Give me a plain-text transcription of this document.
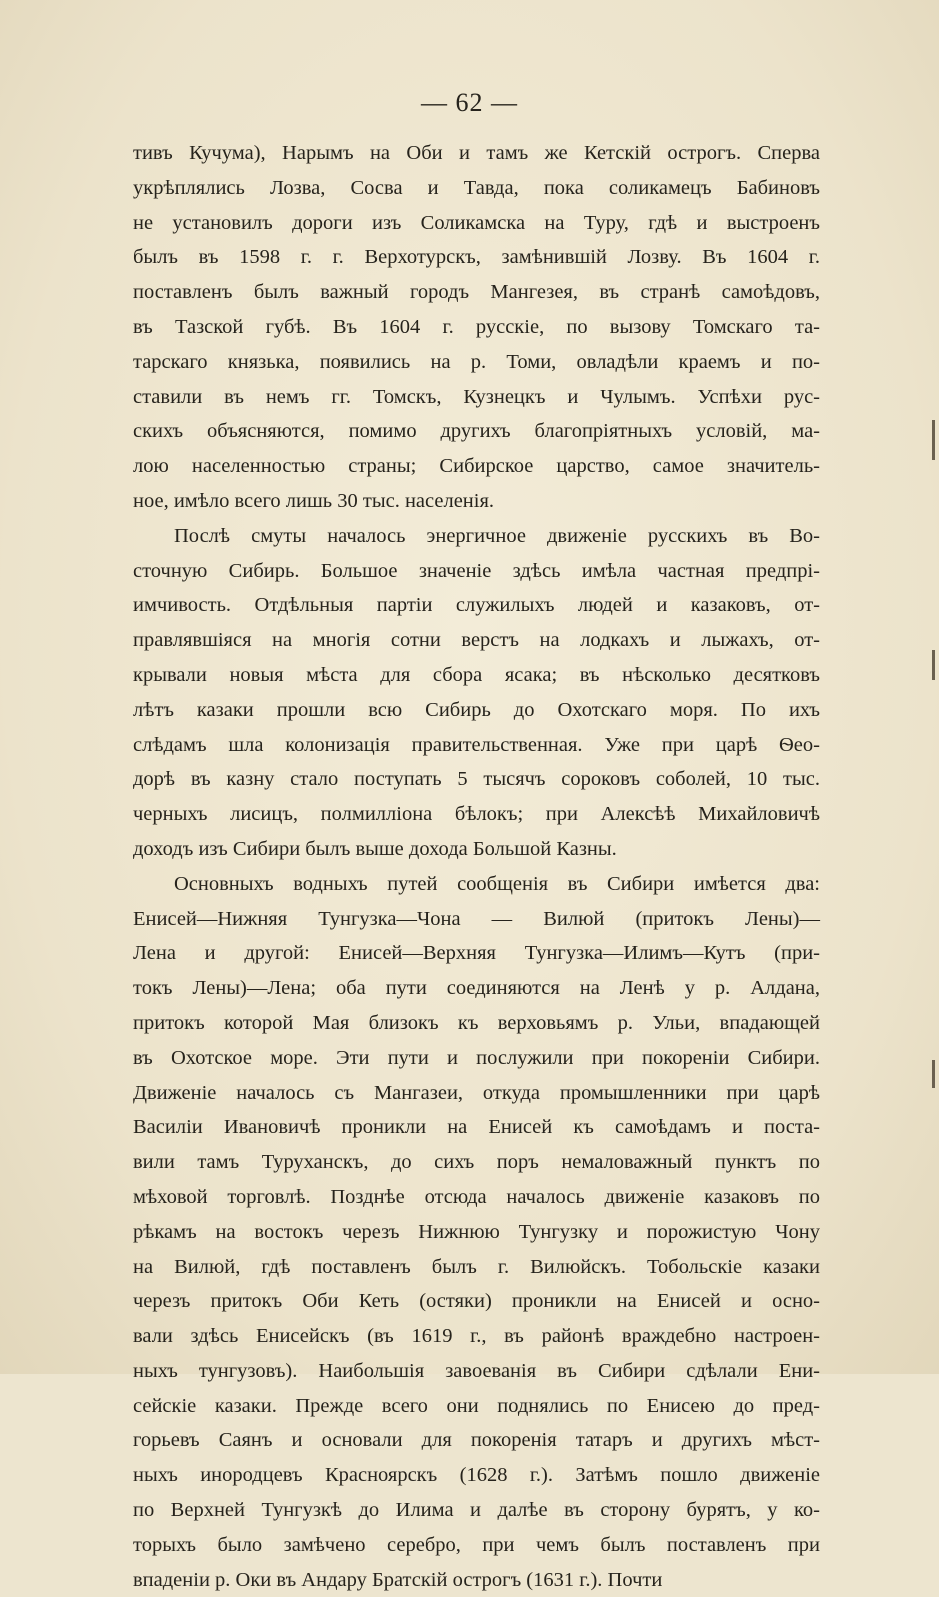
— 62 —
тивъ Кучума), Нарымъ на Оби и тамъ же Кетскій острогъ. Сперва
укрѣплялись Лозва, Сосва и Тавда, пока соликамецъ Бабиновъ
не установилъ дороги изъ Соликамска на Туру, гдѣ и выстроенъ
былъ въ 1598 г. г. Верхотурскъ, замѣнившій Лозву. Въ 1604 г.
поставленъ былъ важный городъ Мангезея, въ странѣ самоѣдовъ,
въ Тазской губѣ. Въ 1604 г. русскіе, по вызову Томскаго та-
тарскаго князька, появились на р. Томи, овладѣли краемъ и по-
ставили въ немъ гг. Томскъ, Кузнецкъ и Чулымъ. Успѣхи рус-
скихъ объясняются, помимо другихъ благопріятныхъ условій, ма-
лою населенностью страны; Сибирское царство, самое значитель-
ное, имѣло всего лишь 30 тыс. населенія.
Послѣ смуты началось энергичное движеніе русскихъ въ Во-
сточную Сибирь. Большое значеніе здѣсь имѣла частная предпрі-
имчивость. Отдѣльныя партіи служилыхъ людей и казаковъ, от-
правлявшіяся на многія сотни верстъ на лодкахъ и лыжахъ, от-
крывали новыя мѣста для сбора ясака; въ нѣсколько десятковъ
лѣтъ казаки прошли всю Сибирь до Охотскаго моря. По ихъ
слѣдамъ шла колонизація правительственная. Уже при царѣ Ѳео-
дорѣ въ казну стало поступать 5 тысячъ сороковъ соболей, 10 тыс.
черныхъ лисицъ, полмилліона бѣлокъ; при Алексѣѣ Михайловичѣ
доходъ изъ Сибири былъ выше дохода Большой Казны.
Основныхъ водныхъ путей сообщенія въ Сибири имѣется два:
Енисей—Нижняя Тунгузка—Чона — Вилюй (притокъ Лены)—
Лена и другой: Енисей—Верхняя Тунгузка—Илимъ—Кутъ (при-
токъ Лены)—Лена; оба пути соединяются на Ленѣ у р. Алдана,
притокъ которой Мая близокъ къ верховьямъ р. Ульи, впадающей
въ Охотское море. Эти пути и послужили при покореніи Сибири.
Движеніе началось съ Мангазеи, откуда промышленники при царѣ
Василіи Ивановичѣ проникли на Енисей къ самоѣдамъ и поста-
вили тамъ Туруханскъ, до сихъ поръ немаловажный пунктъ по
мѣховой торговлѣ. Позднѣе отсюда началось движеніе казаковъ по
рѣкамъ на востокъ черезъ Нижнюю Тунгузку и порожистую Чону
на Вилюй, гдѣ поставленъ былъ г. Вилюйскъ. Тобольскіе казаки
черезъ притокъ Оби Кеть (остяки) проникли на Енисей и осно-
вали здѣсь Енисейскъ (въ 1619 г., въ районѣ враждебно настроен-
ныхъ тунгузовъ). Наибольшія завоеванія въ Сибири сдѣлали Ени-
сейскіе казаки. Прежде всего они поднялись по Енисею до пред-
горьевъ Саянъ и основали для покоренія татаръ и другихъ мѣст-
ныхъ инородцевъ Красноярскъ (1628 г.). Затѣмъ пошло движеніе
по Верхней Тунгузкѣ до Илима и далѣе въ сторону бурятъ, у ко-
торыхъ было замѣчено серебро, при чемъ былъ поставленъ при
впаденіи р. Оки въ Андару Братскій острогъ (1631 г.). Почти
